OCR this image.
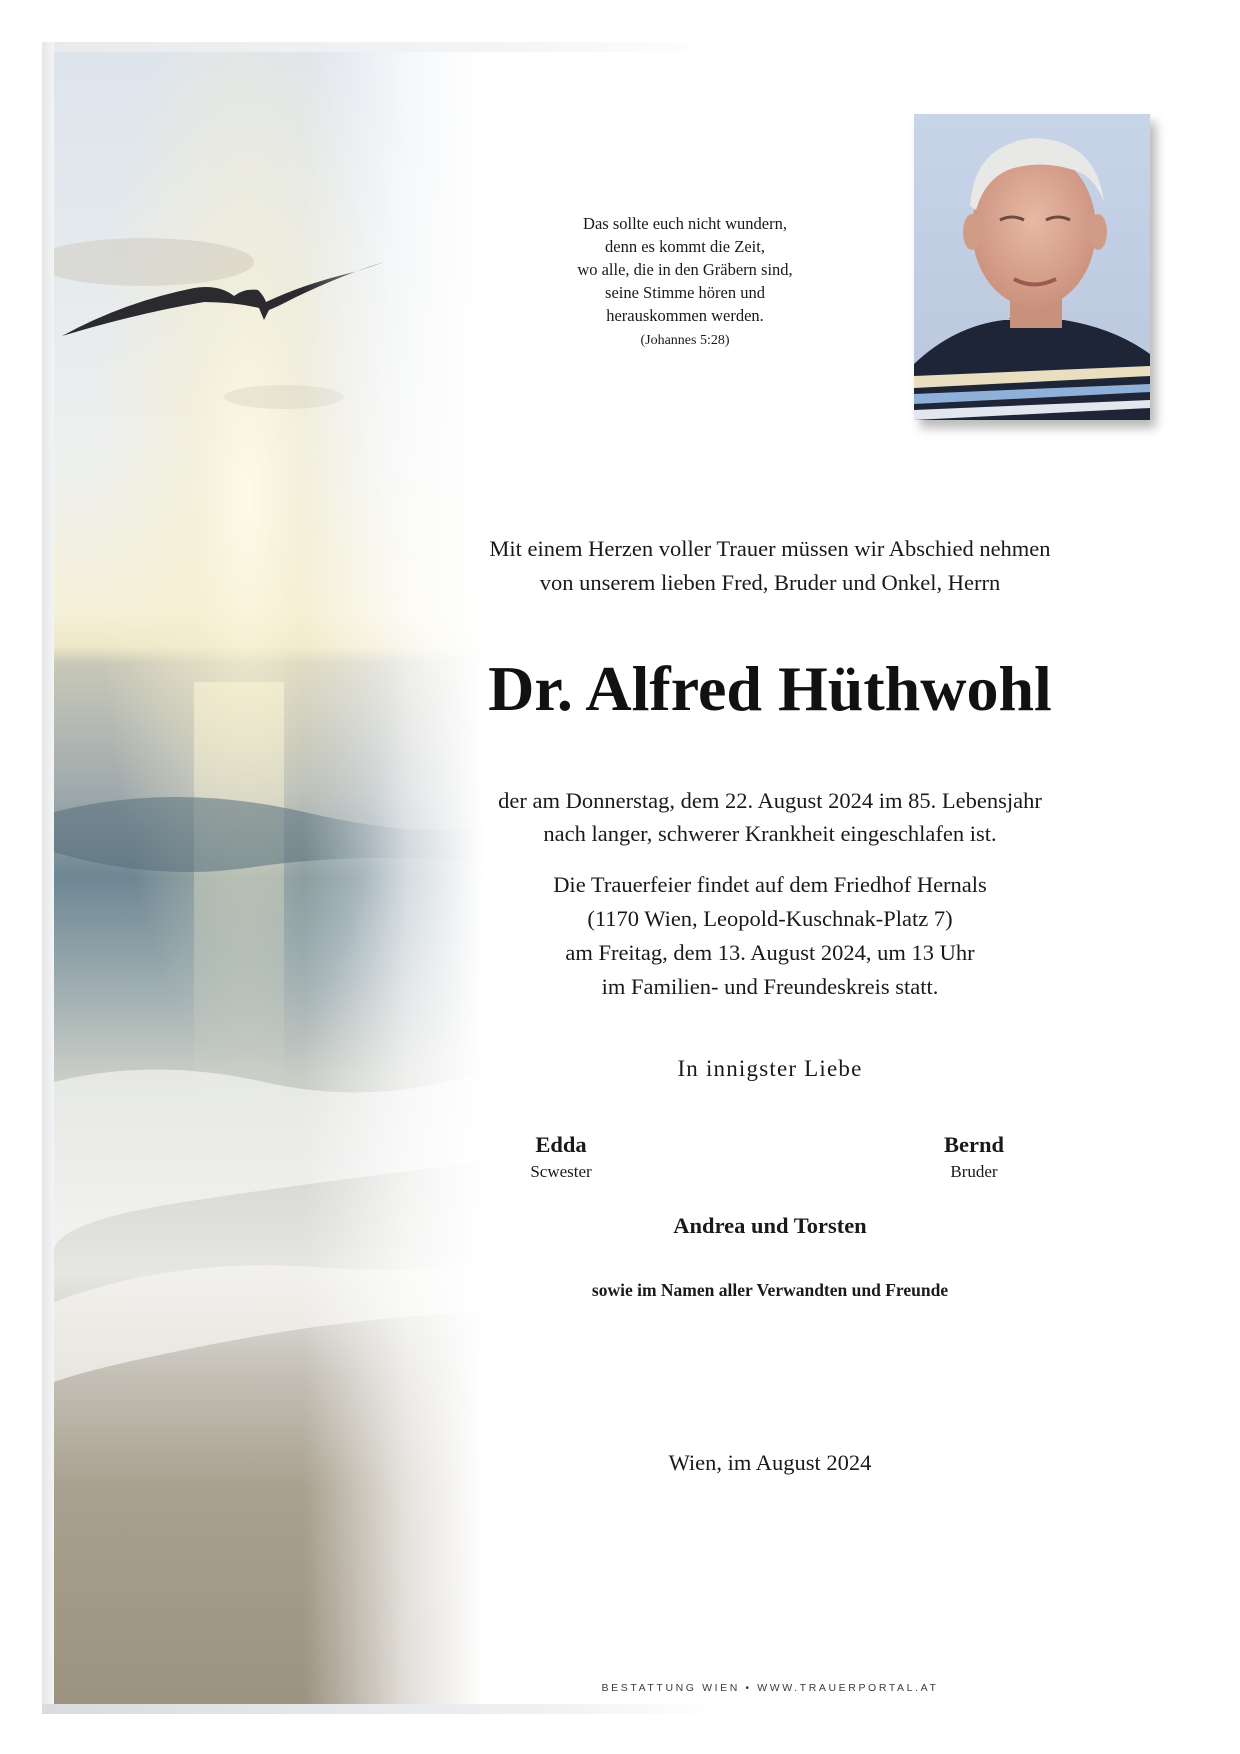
Das sollte euch nicht wundern,
denn es kommt die Zeit,
wo alle, die in den Gräbern sind,
seine Stimme hören und
herauskommen werden.
(Johannes 5:28)
Mit einem Herzen voller Trauer müssen wir Abschied nehmen
von unserem lieben Fred, Bruder und Onkel, Herrn
Dr. Alfred Hüthwohl
der am Donnerstag, dem 22. August 2024 im 85. Lebensjahr
nach langer, schwerer Krankheit eingeschlafen ist.
Die Trauerfeier findet auf dem Friedhof Hernals
(1170 Wien, Leopold-Kuschnak-Platz 7)
am Freitag, dem 13. August 2024, um 13 Uhr
im Familien- und Freundeskreis statt.
In innigster Liebe
Edda
Scwester
Bernd
Bruder
Andrea und Torsten
sowie im Namen aller Verwandten und Freunde
Wien, im August 2024
BESTATTUNG WIEN • WWW.TRAUERPORTAL.AT
